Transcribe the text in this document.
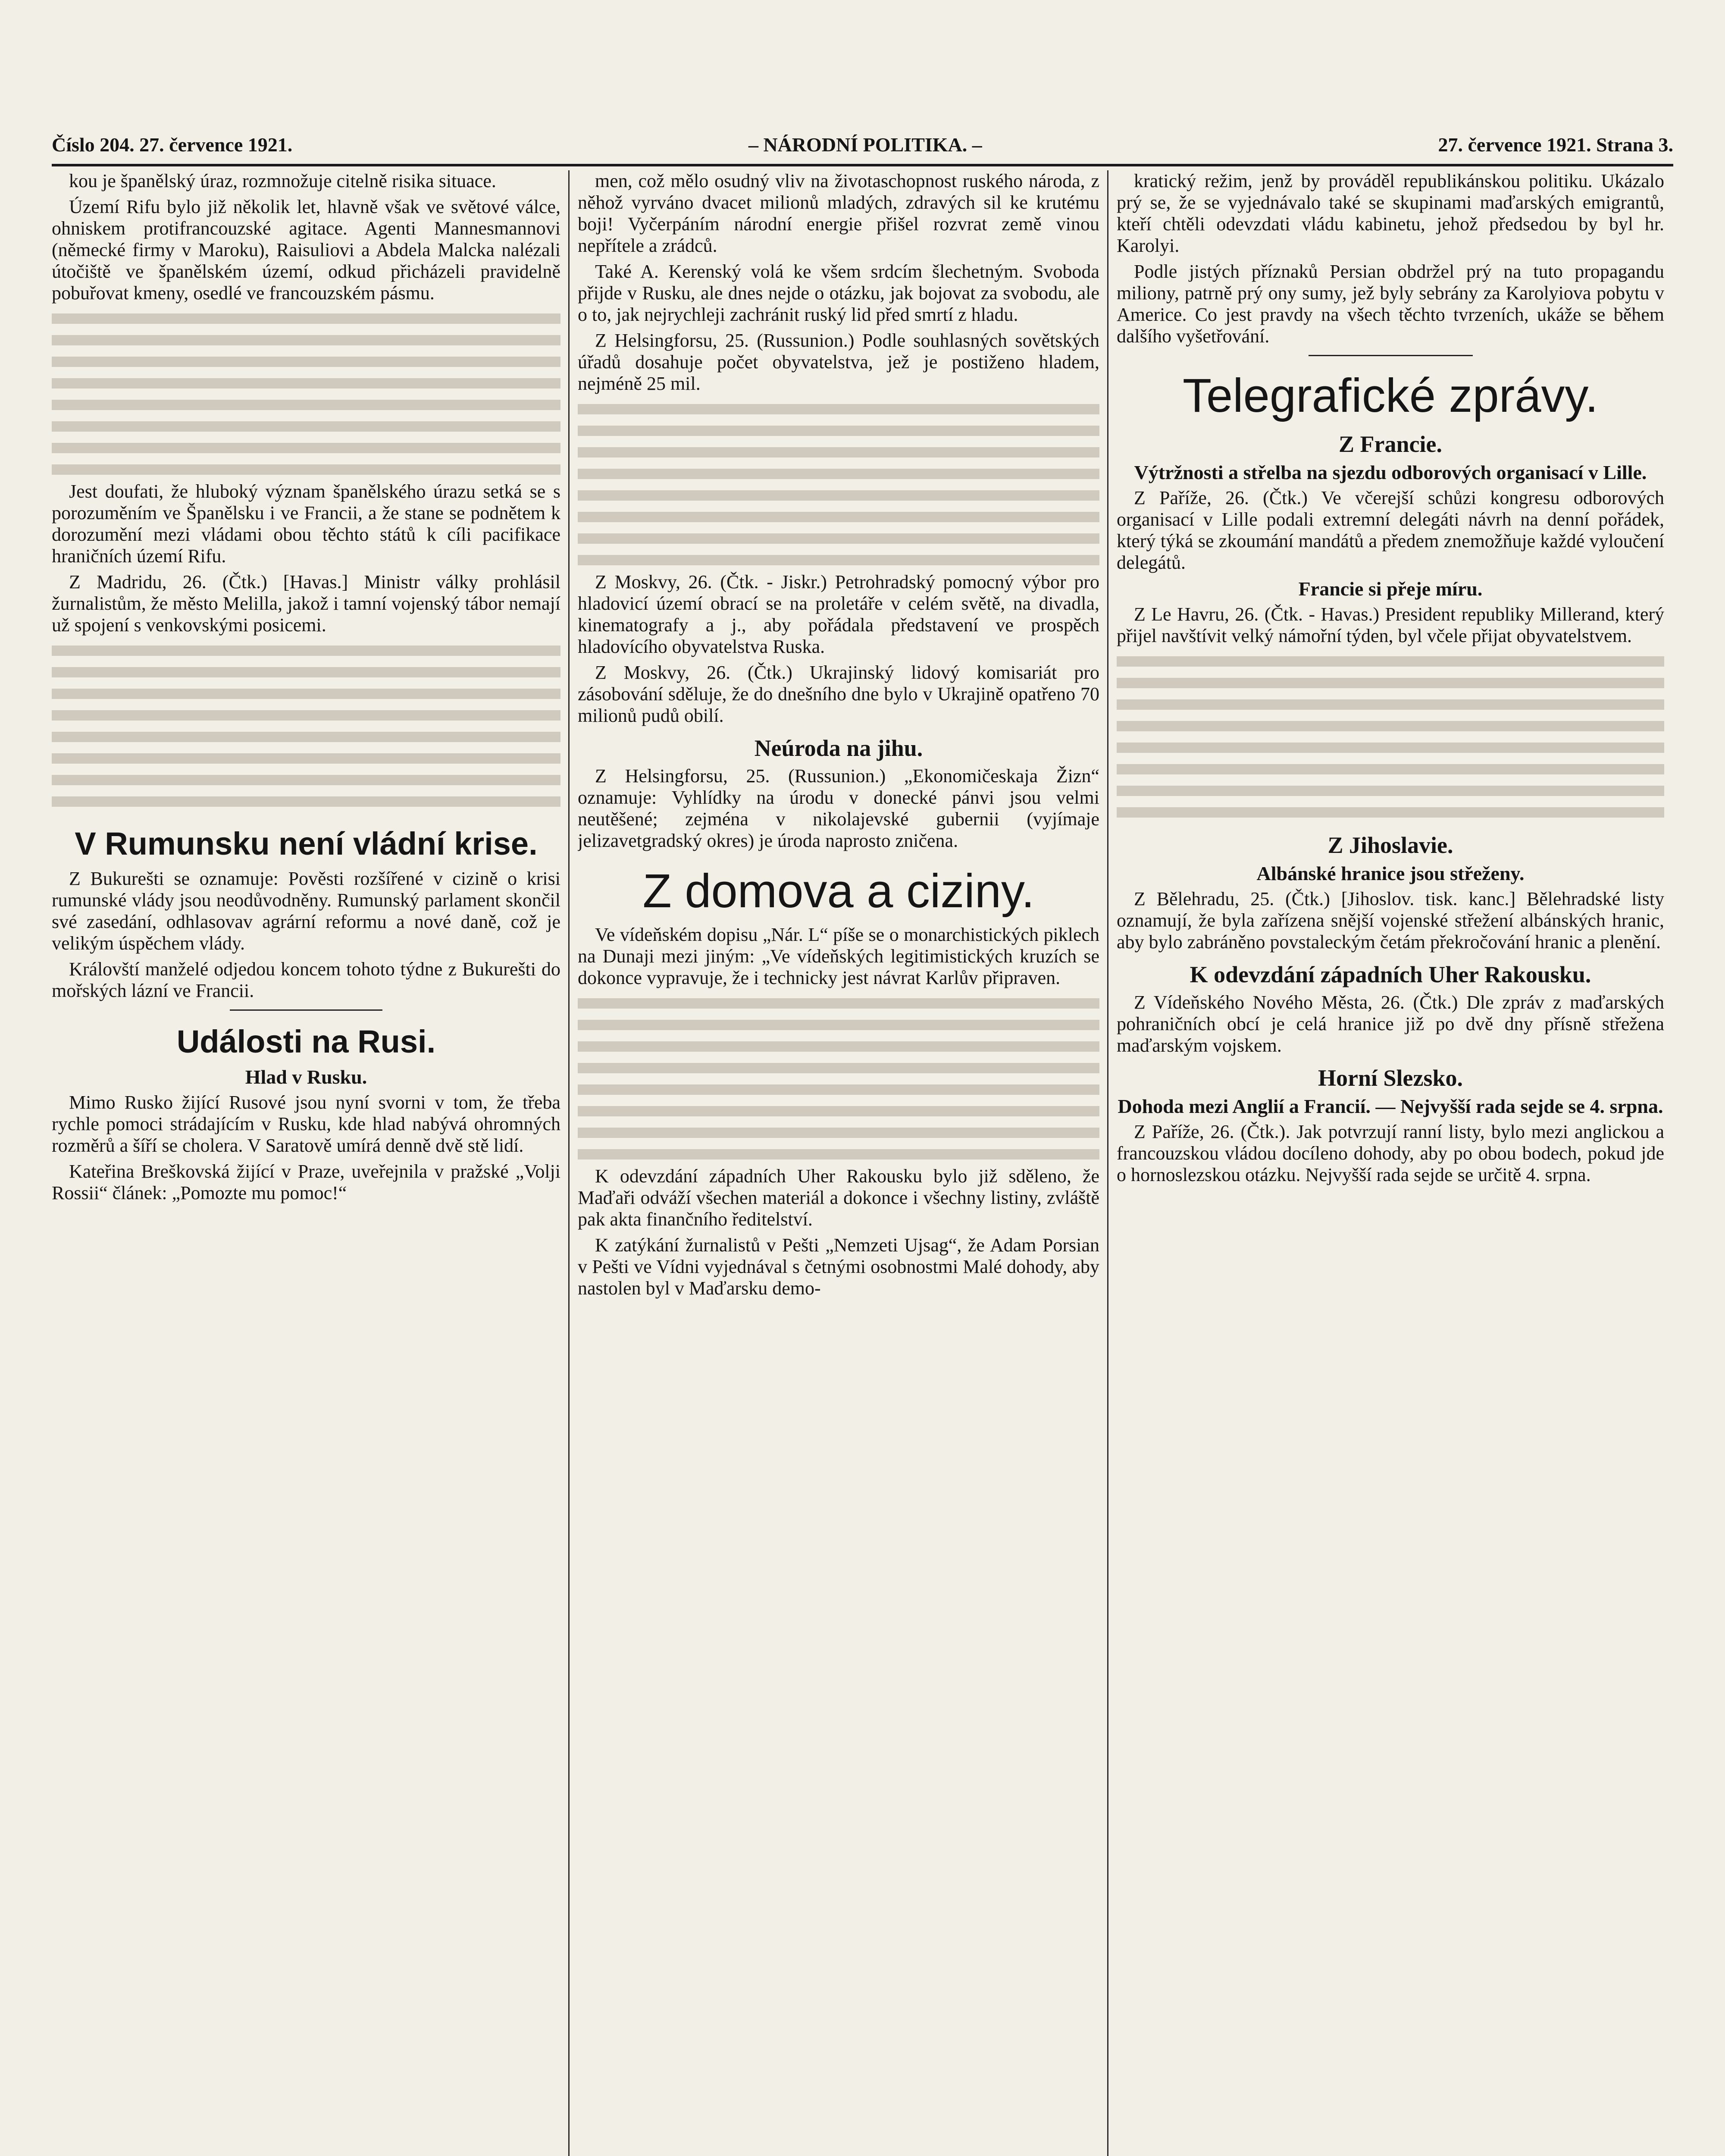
Číslo 204. 27. července 1921.	– NÁRODNÍ POLITIKA. –	27. července 1921. Strana 3.

kou je španělský úraz, rozmnožuje citelně risika situace.

Území Rifu bylo již několik let, hlavně však ve světové válce, ohniskem protifrancouzské agitace. Agenti Mannesmannovi (německé firmy v Maroku), Raisuliovi a Abdela Malcka nalézali útočiště ve španělském území, odkud přicházeli pravidelně pobuřovat kmeny, osedlé ve francouzském pásmu.

Jest doufati, že hluboký význam španělského úrazu setká se s porozuměním ve Španělsku i ve Francii, a že stane se podnětem k dorozumění mezi vládami obou těchto států k cíli pacifikace hraničních území Rifu.

Z Madridu, 26. (Čtk.) [Havas.] Ministr války prohlásil žurnalistům, že město Melilla, jakož i tamní vojenský tábor nemají už spojení s venkovskými posicemi.

V Rumunsku není vládní krise.

Z Bukurešti se oznamuje: Pověsti rozšířené v cizině o krisi rumunské vlády jsou neodůvodněny. Rumunský parlament skončil své zasedání, odhlasovav agrární reformu a nové daně, což je velikým úspěchem vlády.

Královští manželé odjedou koncem tohoto týdne z Bukurešti do mořských lázní ve Francii.

Události na Rusi.
Hlad v Rusku.

Mimo Rusko žijící Rusové jsou nyní svorni v tom, že třeba rychle pomoci strádajícím v Rusku, kde hlad nabývá ohromných rozměrů a šíří se cholera. V Saratově umírá denně dvě stě lidí.

Kateřina Breškovská žijící v Praze, uveřejnila v pražské „Volji Rossii“ článek: „Pomozte mu pomoc!“

men, což mělo osudný vliv na životaschopnost ruského národa, z něhož vyrváno dvacet milionů mladých, zdravých sil ke krutému boji! Vyčerpáním národní energie přišel rozvrat země vinou nepřítele a zrádců.

Také A. Kerenský volá ke všem srdcím šlechetným. Svoboda přijde v Rusku, ale dnes nejde o otázku, jak bojovat za svobodu, ale o to, jak nejrychleji zachránit ruský lid před smrtí z hladu.

Z Helsingforsu, 25. (Russunion.) Podle souhlasných sovětských úřadů dosahuje počet obyvatelstva, jež je postiženo hladem, nejméně 25 mil.

Z Moskvy, 26. (Čtk. - Jiskr.) Petrohradský pomocný výbor pro hladovicí území obrací se na proletáře v celém světě, na divadla, kinematografy a j., aby pořádala představení ve prospěch hladovícího obyvatelstva Ruska.

Z Moskvy, 26. (Čtk.) Ukrajinský lidový komisariát pro zásobování sděluje, že do dnešního dne bylo v Ukrajině opatřeno 70 milionů pudů obilí.

Neúroda na jihu.

Z Helsingforsu, 25. (Russunion.) „Ekonomičeskaja Žizn“ oznamuje: Vyhlídky na úrodu v donecké pánvi jsou velmi neutěšené; zejména v nikolajevské gubernii (vyjímaje jelizavetgradský okres) je úroda naprosto zničena.

Z domova a ciziny.

Ve vídeňském dopisu „Nár. L“ píše se o monarchistických piklech na Dunaji mezi jiným: „Ve vídeňských legitimistických kruzích se dokonce vypravuje, že i technicky jest návrat Karlův připraven.

K odevzdání západních Uher Rakousku bylo již sděleno, že Maďaři odváží všechen materiál a dokonce i všechny listiny, zvláště pak akta finančního ředitelství.

K zatýkání žurnalistů v Pešti „Nemzeti Ujsag“, že Adam Porsian v Pešti ve Vídni vyjednával s četnými osobnostmi Malé dohody, aby nastolen byl v Maďarsku demo-

kratický režim, jenž by prováděl republikánskou politiku. Ukázalo prý se, že se vyjednávalo také se skupinami maďarských emigrantů, kteří chtěli odevzdati vládu kabinetu, jehož předsedou by byl hr. Karolyi.

Podle jistých příznaků Persian obdržel prý na tuto propagandu miliony, patrně prý ony sumy, jež byly sebrány za Karolyiova pobytu v Americe. Co jest pravdy na všech těchto tvrzeních, ukáže se během dalšího vyšetřování.

Telegrafické zprávy.
Z Francie.
Výtržnosti a střelba na sjezdu odborových organisací v Lille.

Z Paříže, 26. (Čtk.) Ve včerejší schůzi kongresu odborových organisací v Lille podali extremní delegáti návrh na denní pořádek, který týká se zkoumání mandátů a předem znemožňuje každé vyloučení delegátů.

Francie si přeje míru.

Z Le Havru, 26. (Čtk. - Havas.) President republiky Millerand, který přijel navštívit velký námořní týden, byl včele přijat obyvatelstvem.

Z Jihoslavie.
Albánské hranice jsou střeženy.

Z Bělehradu, 25. (Čtk.) [Jihoslov. tisk. kanc.] Bělehradské listy oznamují, že byla zařízena snější vojenské střežení albánských hranic, aby bylo zabráněno povstaleckým četám překročování hranic a plenění.

K odevzdání západních Uher Rakousku.

Z Vídeňského Nového Města, 26. (Čtk.) Dle zpráv z maďarských pohraničních obcí je celá hranice již po dvě dny přísně střežena maďarským vojskem.

Horní Slezsko.
Dohoda mezi Anglií a Francií. — Nejvyšší rada sejde se 4. srpna.

Z Paříže, 26. (Čtk.). Jak potvrzují ranní listy, bylo mezi anglickou a francouzskou vládou docíleno dohody, aby po obou bodech, pokud jde o hornoslezskou otázku. Nejvyšší rada sejde se určitě 4. srpna.
